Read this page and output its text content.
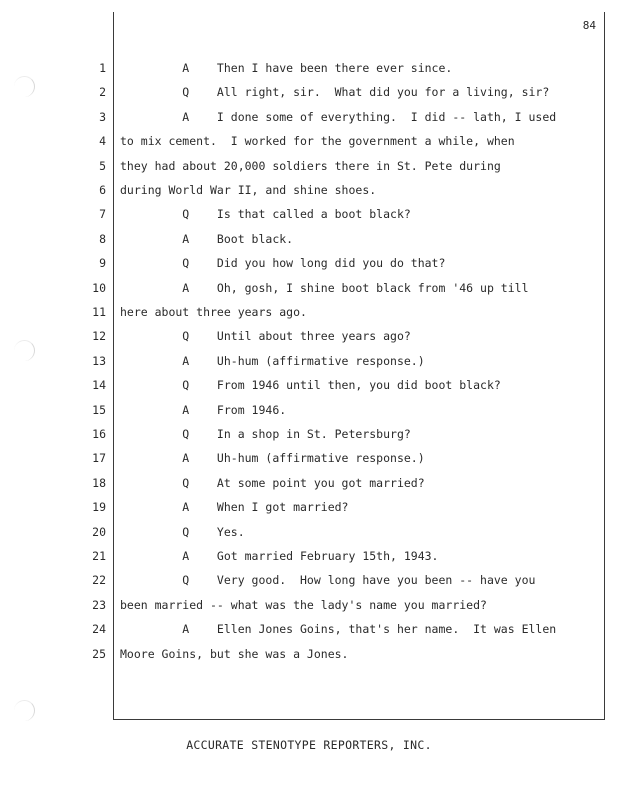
84
1 A    Then I have been there ever since.
2 Q    All right, sir.  What did you for a living, sir?
3 A    I done some of everything.  I did -- lath, I used
4 to mix cement.  I worked for the government a while, when
5 they had about 20,000 soldiers there in St. Pete during
6 during World War II, and shine shoes.
7 Q    Is that called a boot black?
8 A    Boot black.
9 Q    Did you how long did you do that?
10 A    Oh, gosh, I shine boot black from '46 up till
11 here about three years ago.
12 Q    Until about three years ago?
13 A    Uh-hum (affirmative response.)
14 Q    From 1946 until then, you did boot black?
15 A    From 1946.
16 Q    In a shop in St. Petersburg?
17 A    Uh-hum (affirmative response.)
18 Q    At some point you got married?
19 A    When I got married?
20 Q    Yes.
21 A    Got married February 15th, 1943.
22 Q    Very good.  How long have you been -- have you
23 been married -- what was the lady's name you married?
24 A    Ellen Jones Goins, that's her name.  It was Ellen
25 Moore Goins, but she was a Jones.
ACCURATE STENOTYPE REPORTERS, INC.
